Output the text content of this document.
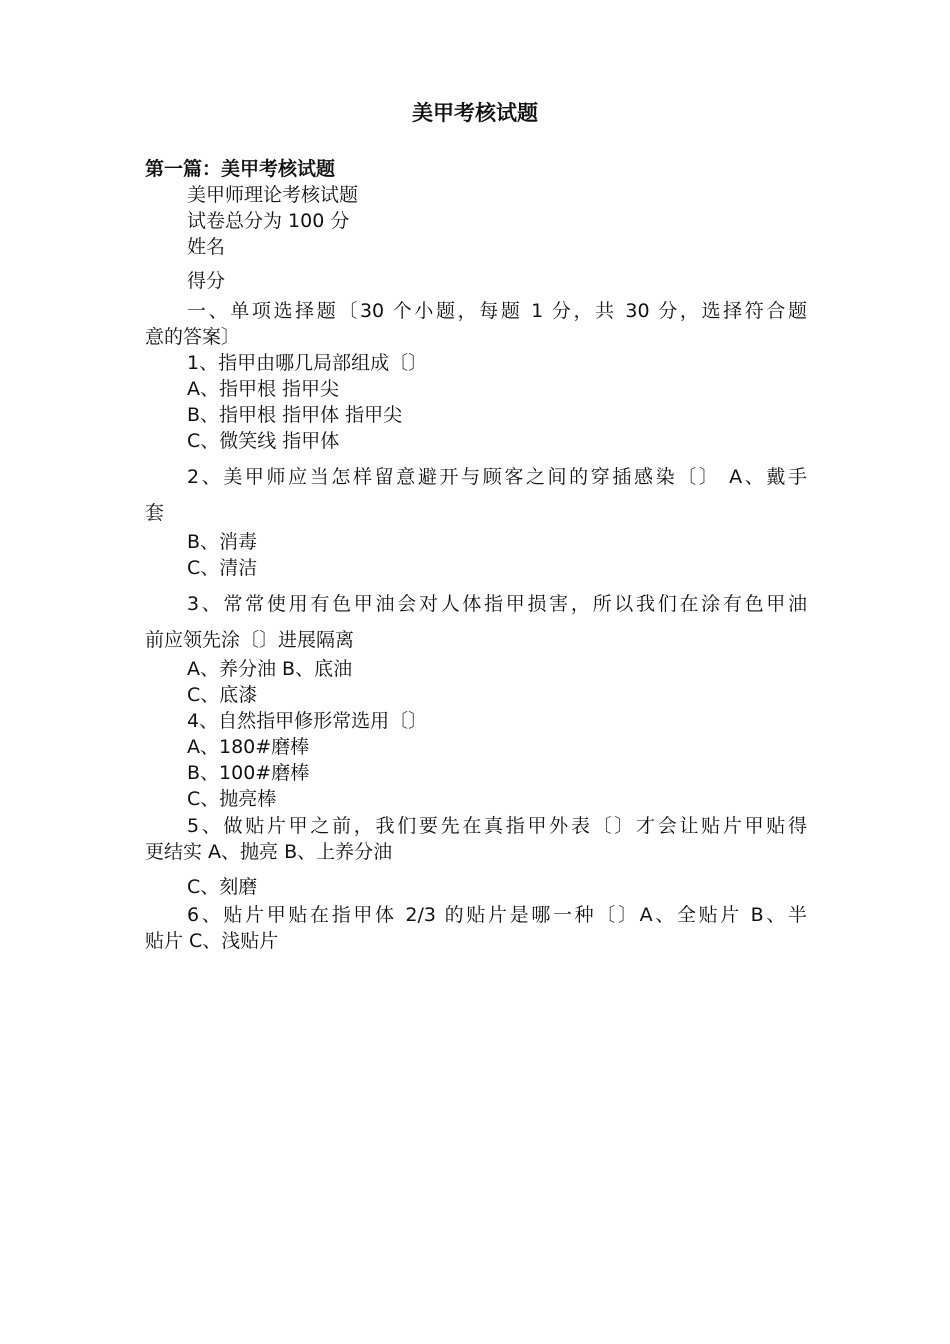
美甲考核试题
第一篇：美甲考核试题
美甲师理论考核试题
试卷总分为 100 分
姓名
得分
一、单项选择题〔30 个小题，每题 1 分，共 30 分，选择符合题
意的答案〕
1、指甲由哪几局部组成〔〕
A、指甲根 指甲尖
B、指甲根 指甲体 指甲尖
C、微笑线 指甲体
2、美甲师应当怎样留意避开与顾客之间的穿插感染〔〕 A、戴手
套
B、消毒
C、清洁
3、常常使用有色甲油会对人体指甲损害，所以我们在涂有色甲油
前应领先涂〔〕进展隔离
A、养分油 B、底油
C、底漆
4、自然指甲修形常选用〔〕
A、180#磨棒
B、100#磨棒
C、抛亮棒
5、做贴片甲之前，我们要先在真指甲外表〔〕才会让贴片甲贴得
更结实 A、抛亮 B、上养分油
C、刻磨
6、贴片甲贴在指甲体 2/3 的贴片是哪一种〔〕A、全贴片 B、半
贴片 C、浅贴片
